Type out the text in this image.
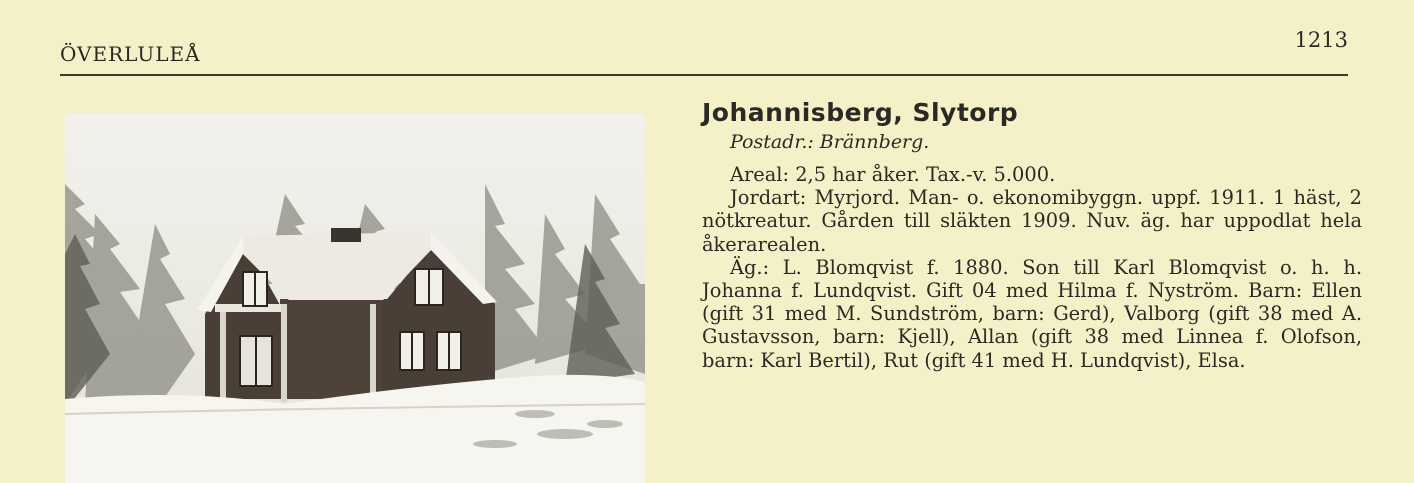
ÖVERLULEÅ
1213
Johannisberg, Slytorp
Postadr.: Brännberg.

Areal: 2,5 har åker. Tax.-v. 5.000.

Jordart: Myrjord. Man- o. ekonomibyggn. uppf. 1911. 1 häst, 2 nötkreatur. Gården till släkten 1909. Nuv. äg. har uppodlat hela åkerarealen.

Äg.: L. Blomqvist f. 1880. Son till Karl Blomqvist o. h. h. Johanna f. Lundqvist. Gift 04 med Hilma f. Nyström. Barn: Ellen (gift 31 med M. Sundström, barn: Gerd), Valborg (gift 38 med A. Gustavsson, barn: Kjell), Allan (gift 38 med Linnea f. Olofson, barn: Karl Bertil), Rut (gift 41 med H. Lundqvist), Elsa.
